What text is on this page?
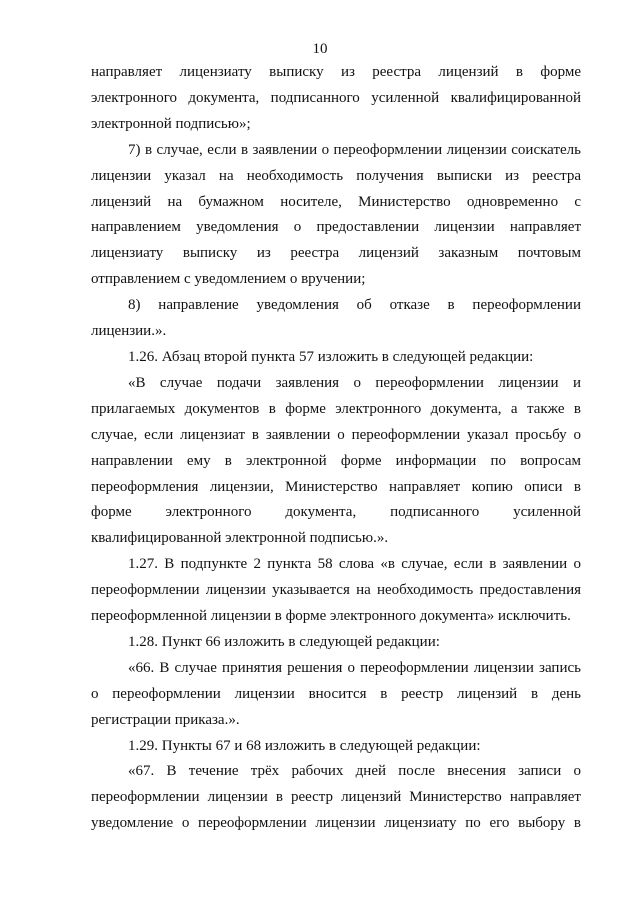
10

направляет лицензиату выписку из реестра лицензий в форме
электронного документа, подписанного усиленной квалифицированной
электронной подписью»;

7) в случае, если в заявлении о переоформлении лицензии соискатель
лицензии указал на необходимость получения выписки из реестра
лицензий на бумажном носителе, Министерство одновременно с
направлением уведомления о предоставлении лицензии направляет
лицензиату выписку из реестра лицензий заказным почтовым
отправлением с уведомлением о вручении;

8) направление уведомления об отказе в переоформлении
лицензии.».

1.26. Абзац второй пункта 57 изложить в следующей редакции:

«В случае подачи заявления о переоформлении лицензии и
прилагаемых документов в форме электронного документа, а также в
случае, если лицензиат в заявлении о переоформлении указал просьбу о
направлении ему в электронной форме информации по вопросам
переоформления лицензии, Министерство направляет копию описи в
форме электронного документа, подписанного усиленной
квалифицированной электронной подписью.».

1.27. В подпункте 2 пункта 58 слова «в случае, если в заявлении о
переоформлении лицензии указывается на необходимость предоставления
переоформленной лицензии в форме электронного документа» исключить.

1.28. Пункт 66 изложить в следующей редакции:

«66. В случае принятия решения о переоформлении лицензии запись
о переоформлении лицензии вносится в реестр лицензий в день
регистрации приказа.».

1.29. Пункты 67 и 68 изложить в следующей редакции:

«67. В течение трёх рабочих дней после внесения записи о
переоформлении лицензии в реестр лицензий Министерство направляет
уведомление о переоформлении лицензии лицензиату по его выбору в
